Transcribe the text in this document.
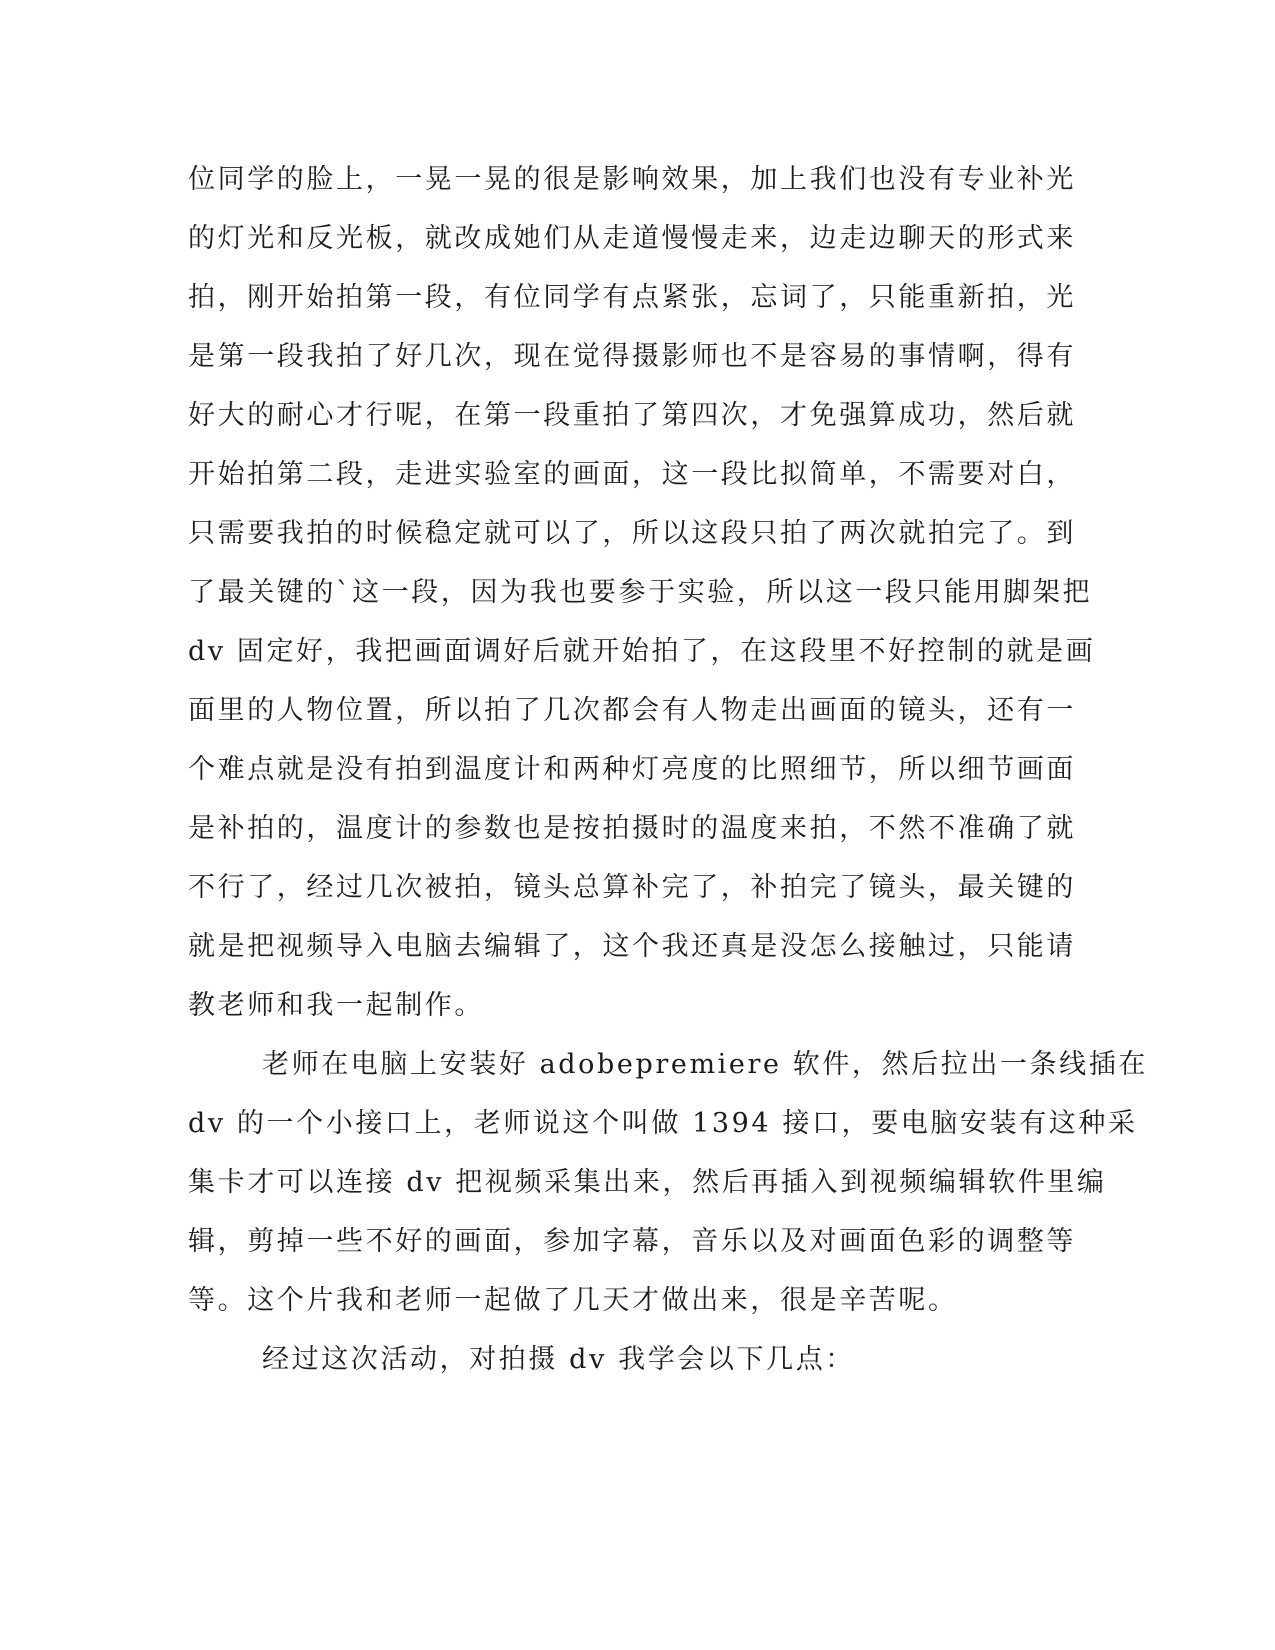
位同学的脸上，一晃一晃的很是影响效果，加上我们也没有专业补光
的灯光和反光板，就改成她们从走道慢慢走来，边走边聊天的形式来
拍，刚开始拍第一段，有位同学有点紧张，忘词了，只能重新拍，光
是第一段我拍了好几次，现在觉得摄影师也不是容易的事情啊，得有
好大的耐心才行呢，在第一段重拍了第四次，才免强算成功，然后就
开始拍第二段，走进实验室的画面，这一段比拟简单，不需要对白，
只需要我拍的时候稳定就可以了，所以这段只拍了两次就拍完了。到
了最关键的`这一段，因为我也要参于实验，所以这一段只能用脚架把
dv 固定好，我把画面调好后就开始拍了，在这段里不好控制的就是画
面里的人物位置，所以拍了几次都会有人物走出画面的镜头，还有一
个难点就是没有拍到温度计和两种灯亮度的比照细节，所以细节画面
是补拍的，温度计的参数也是按拍摄时的温度来拍，不然不准确了就
不行了，经过几次被拍，镜头总算补完了，补拍完了镜头，最关键的
就是把视频导入电脑去编辑了，这个我还真是没怎么接触过，只能请
教老师和我一起制作。
老师在电脑上安装好 adobepremiere 软件，然后拉出一条线插在
dv 的一个小接口上，老师说这个叫做 1394 接口，要电脑安装有这种采
集卡才可以连接 dv 把视频采集出来，然后再插入到视频编辑软件里编
辑，剪掉一些不好的画面，参加字幕，音乐以及对画面色彩的调整等
等。这个片我和老师一起做了几天才做出来，很是辛苦呢。
经过这次活动，对拍摄 dv 我学会以下几点：
